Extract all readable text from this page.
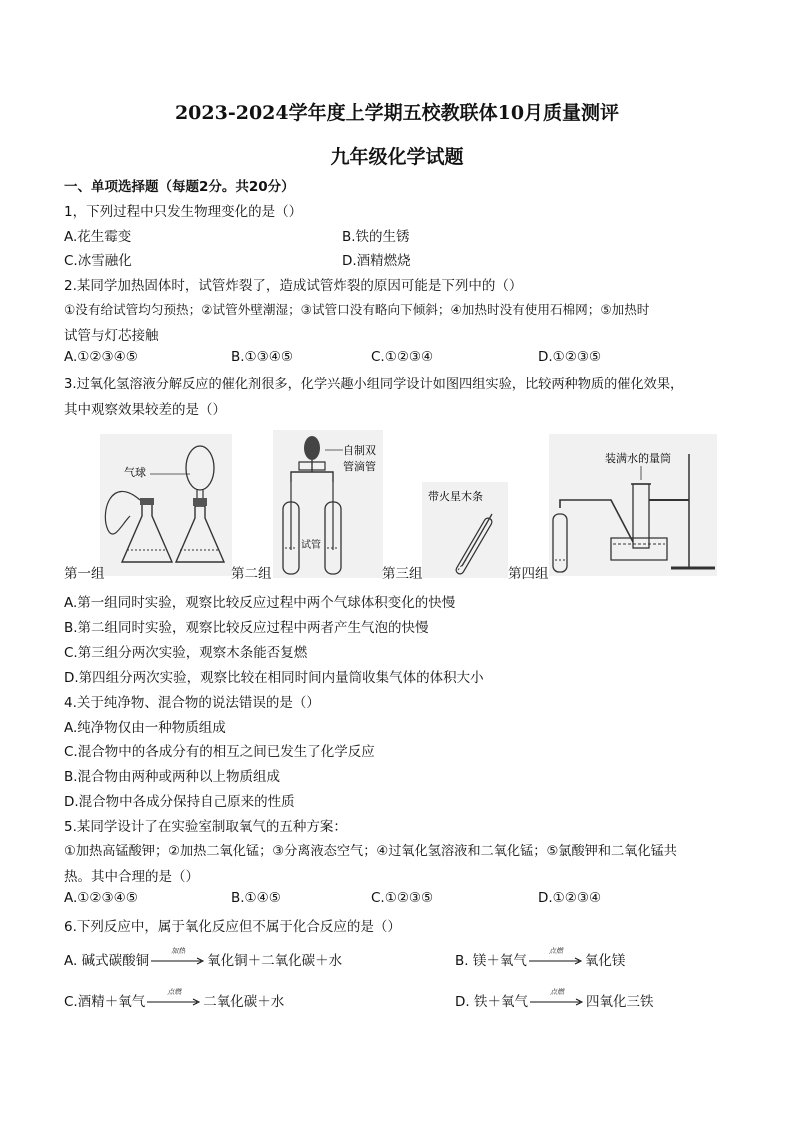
2023-2024学年度上学期五校教联体10月质量测评
九年级化学试题
一、单项选择题（每题2分。共20分）
1，下列过程中只发生物理变化的是（）
A.花生霉变	B.铁的生锈
C.冰雪融化	D.酒精燃烧
2.某同学加热固体时，试管炸裂了，造成试管炸裂的原因可能是下列中的（）
①没有给试管均匀预热；②试管外壁潮湿；③试管口没有略向下倾斜；④加热时没有使用石棉网；⑤加热时
试管与灯芯接触
A.①②③④⑤	B.①③④⑤	C.①②③④	D.①②③⑤
3.过氧化氢溶液分解反应的催化剂很多，化学兴趣小组同学设计如图四组实验，比较两种物质的催化效果，
其中观察效果较差的是（）
气球
第一组
自制双
管滴管
试管
第二组
带火星木条
第三组
装满水的量筒
第四组
A.第一组同时实验，观察比较反应过程中两个气球体积变化的快慢
B.第二组同时实验，观察比较反应过程中两者产生气泡的快慢
C.第三组分两次实验，观察木条能否复燃
D.第四组分两次实验，观察比较在相同时间内量筒收集气体的体积大小
4.关于纯净物、混合物的说法错误的是（）
A.纯净物仅由一种物质组成
C.混合物中的各成分有的相互之间已发生了化学反应
B.混合物由两种或两种以上物质组成
D.混合物中各成分保持自己原来的性质
5.某同学设计了在实验室制取氧气的五种方案：
①加热高锰酸钾；②加热二氧化锰；③分离液态空气；④过氧化氢溶液和二氧化锰；⑤氯酸钾和二氧化锰共
热。其中合理的是（）
A.①②③④⑤	B.①④⑤	C.①②③⑤	D.①②③④
6.下列反应中，属于氧化反应但不属于化合反应的是（）
A. 碱式碳酸铜
加热
氧化铜＋二氧化碳＋水	B. 镁＋氧气
点燃
氧化镁
C.酒精＋氧气
点燃
二氧化碳＋水	D. 铁＋氧气
点燃
四氧化三铁
